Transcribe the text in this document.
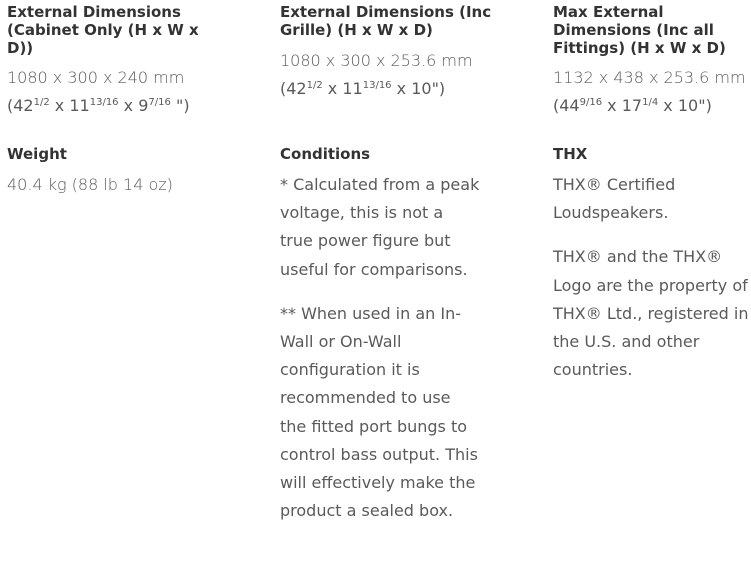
External Dimensions (Cabinet Only (H x W x D))

1080 x 300 x 240 mm

($42^{1/2}$ x $11^{13/16}$ x $9^{7/16}$ ")

Weight

40.4 kg (88 lb 14 oz)

External Dimensions (Inc Grille) (H x W x D)

1080 x 300 x 253.6 mm

($42^{1/2}$ x $11^{13/16}$ x 10")

Conditions

* Calculated from a peak voltage, this is not a true power figure but useful for comparisons.

** When used in an In-Wall or On-Wall configuration it is recommended to use the fitted port bungs to control bass output. This will effectively make the product a sealed box.

Max External Dimensions (Inc all Fittings) (H x W x D)

1132 x 438 x 253.6 mm

($44^{9/16}$ x $17^{1/4}$ x 10")

THX

THX® Certified Loudspeakers.

THX® and the THX® Logo are the property of THX® Ltd., registered in the U.S. and other countries.
